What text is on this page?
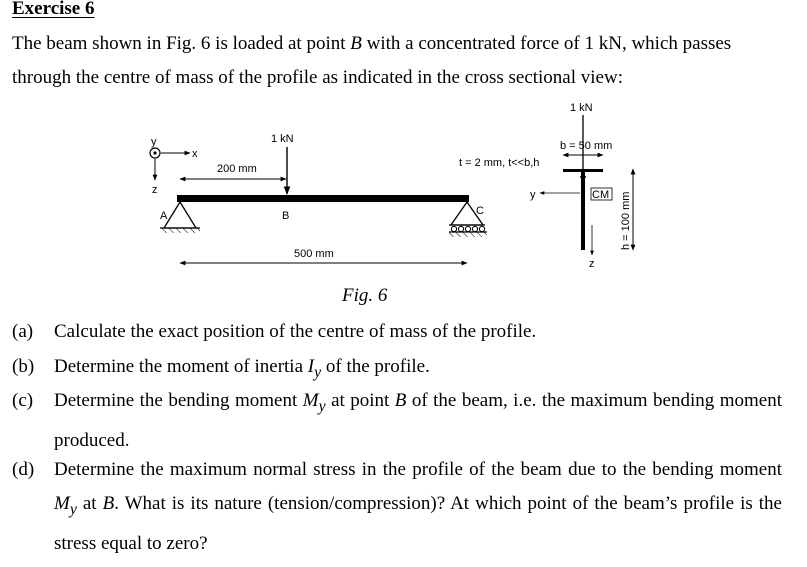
Exercise 6

The beam shown in Fig. 6 is loaded at point B with a concentrated force of 1 kN, which passes through the centre of mass of the profile as indicated in the cross sectional view:

y
x
z
A	C
1 kN
B
200 mm
500 mm
t = 2 mm, t<<b,h
1 kN
b = 50 mm
CM
y
z
h = 100 mm

Fig. 6

(a) Calculate the exact position of the centre of mass of the profile.

(b) Determine the moment of inertia $I_y$ of the profile.

(c) Determine the bending moment $M_y$ at point B of the beam, i.e. the maximum bending moment produced.

(d) Determine the maximum normal stress in the profile of the beam due to the bending moment $M_y$ at B. What is its nature (tension/compression)? At which point of the beam’s profile is the stress equal to zero?
